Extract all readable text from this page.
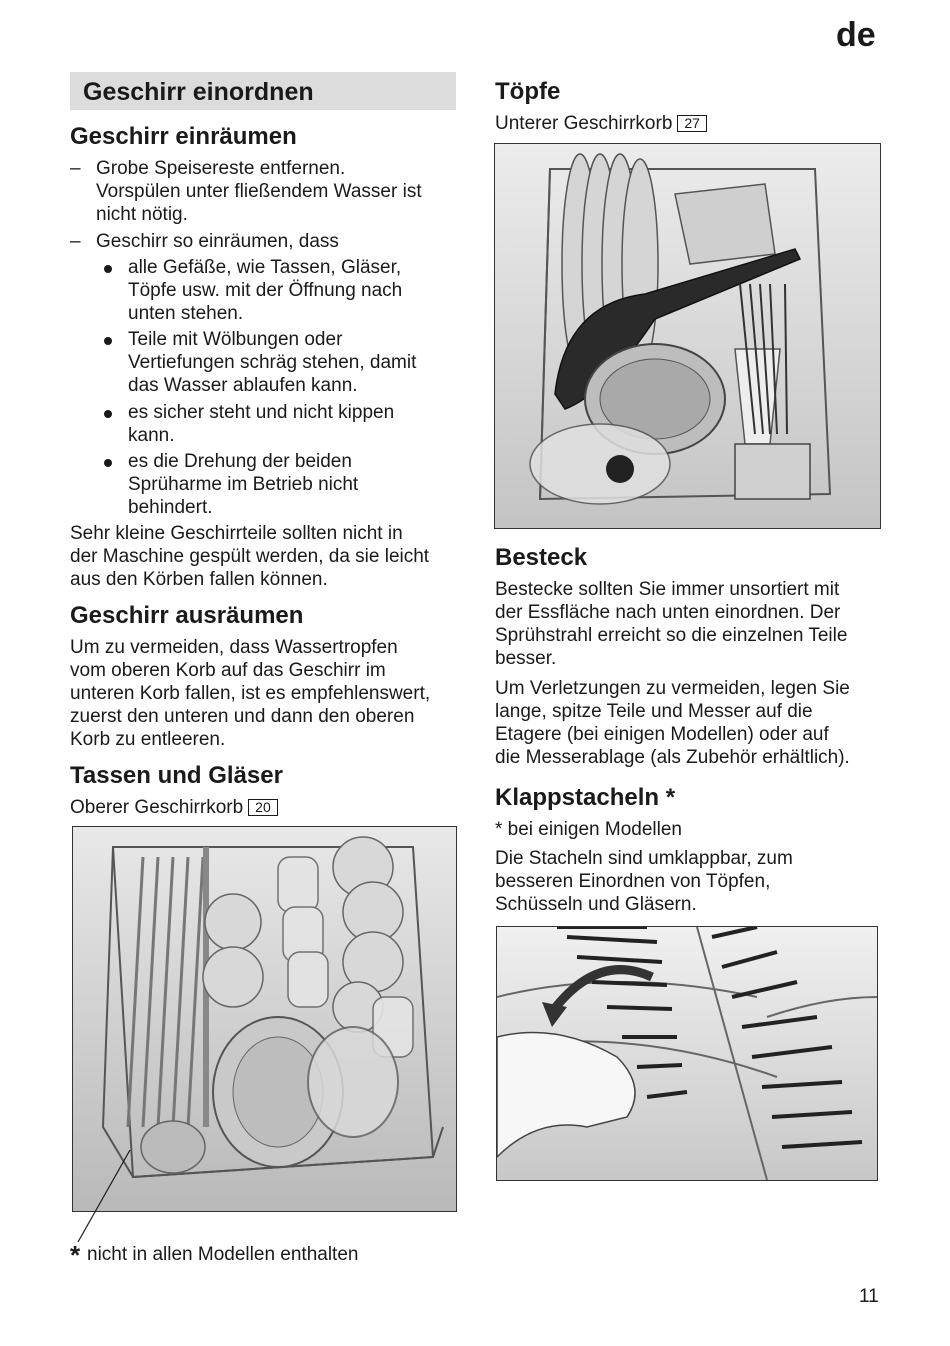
de
Geschirr einordnen
Geschirr einräumen
– Grobe Speisereste entfernen.
Vorspülen unter fließendem Wasser ist
nicht nötig.
– Geschirr so einräumen, dass
alle Gefäße, wie Tassen, Gläser,
Töpfe usw. mit der Öffnung nach
unten stehen.
Teile mit Wölbungen oder
Vertiefungen schräg stehen, damit
das Wasser ablaufen kann.
es sicher steht und nicht kippen
kann.
es die Drehung der beiden
Sprüharme im Betrieb nicht
behindert.
Sehr kleine Geschirrteile sollten nicht in
der Maschine gespült werden, da sie leicht
aus den Körben fallen können.
Geschirr ausräumen
Um zu vermeiden, dass Wassertropfen
vom oberen Korb auf das Geschirr im
unteren Korb fallen, ist es empfehlenswert,
zuerst den unteren und dann den oberen
Korb zu entleeren.
Tassen und Gläser
Oberer Geschirrkorb 20
* nicht in allen Modellen enthalten
Töpfe
Unterer Geschirrkorb 27
Besteck
Bestecke sollten Sie immer unsortiert mit
der Essfläche nach unten einordnen. Der
Sprühstrahl erreicht so die einzelnen Teile
besser.
Um Verletzungen zu vermeiden, legen Sie
lange, spitze Teile und Messer auf die
Etagere (bei einigen Modellen) oder auf
die Messerablage (als Zubehör erhältlich).
Klappstacheln *
* bei einigen Modellen
Die Stacheln sind umklappbar, zum
besseren Einordnen von Töpfen,
Schüsseln und Gläsern.
11
